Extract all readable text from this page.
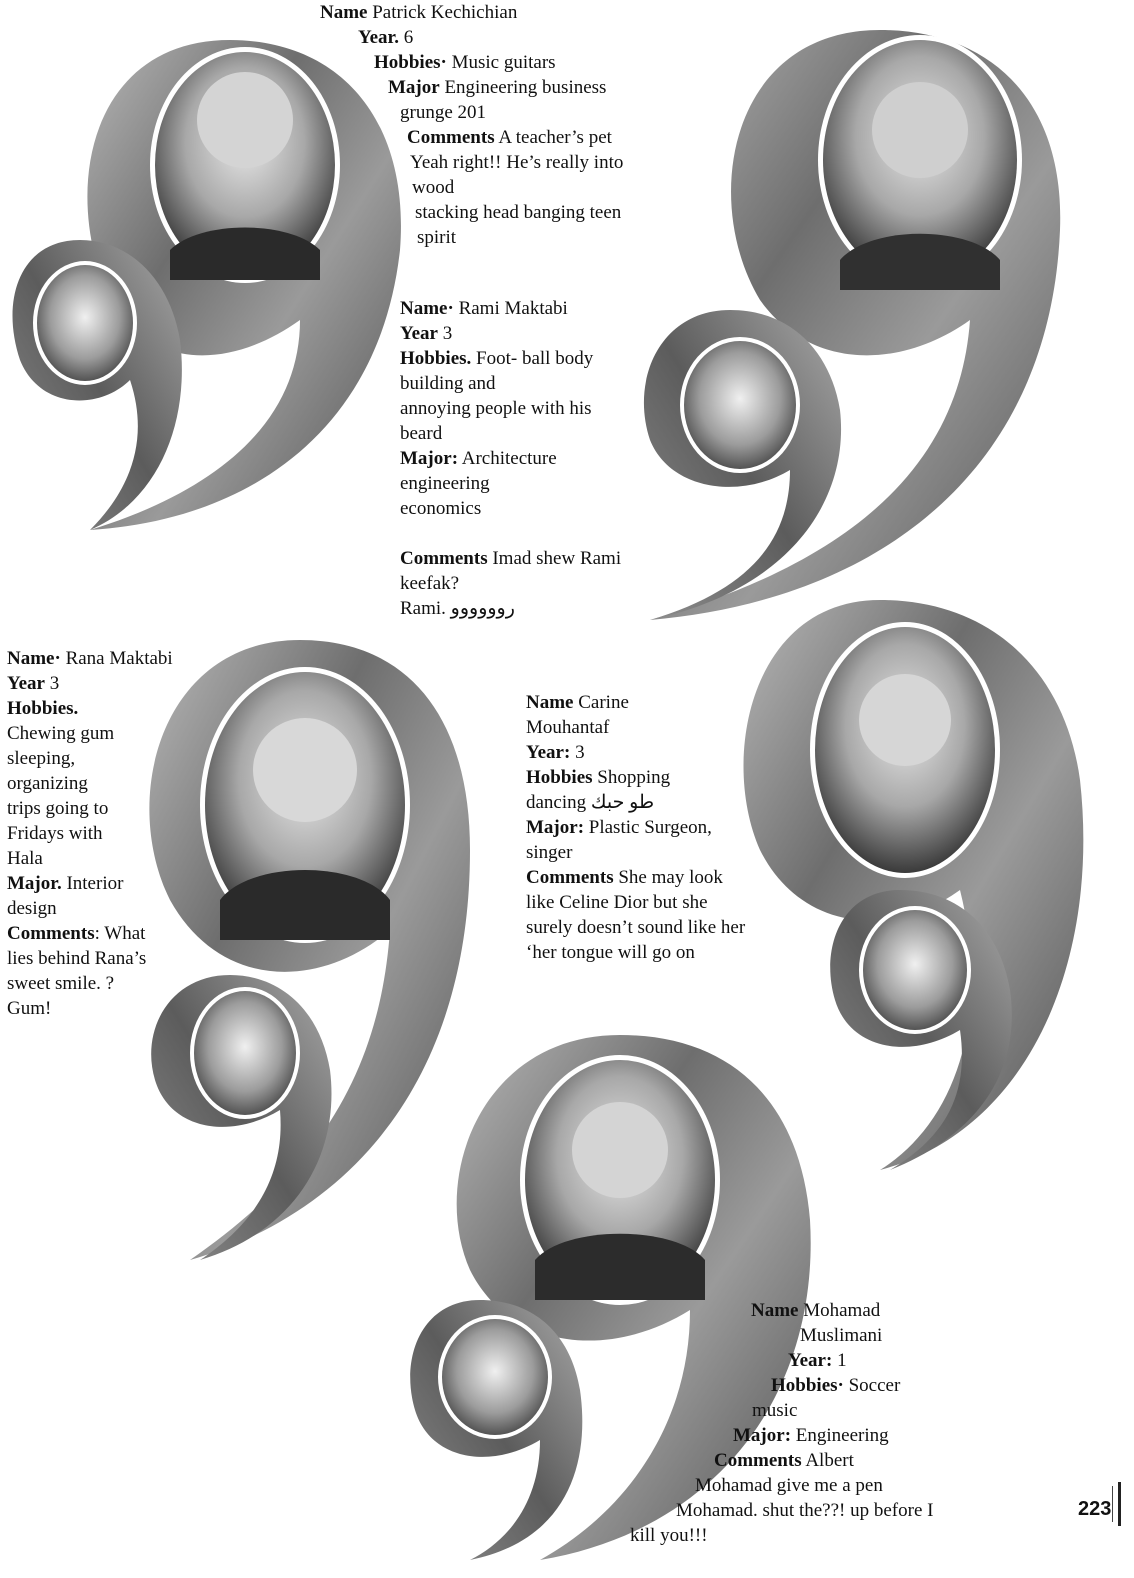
Name Patrick Kechichian
Year. 6
Hobbies· Music guitars
Major Engineering business
grunge 201
Comments A teacher’s pet
Yeah right!! He’s really into
wood
stacking head banging teen
spirit
Name· Rami Maktabi
Year 3
Hobbies. Foot- ball body
building and
annoying people with his
beard
Major: Architecture
engineering
economics

Comments Imad shew Rami
keefak?
Rami. روووووو
Name· Rana Maktabi
Year 3
Hobbies.
Chewing gum
sleeping,
organizing
trips going to
Fridays with
Hala
Major. Interior
design
Comments: What
lies behind Rana’s
sweet smile. ?
Gum!
Name Carine
Mouhantaf
Year: 3
Hobbies Shopping
dancing طو حبك
Major: Plastic Surgeon,
singer
Comments She may look
like Celine Dior but she
surely doesn’t sound like her
‘her tongue will go on
Name Mohamad
Muslimani
Year: 1
Hobbies· Soccer
music
Major: Engineering
Comments Albert
Mohamad give me a pen
Mohamad. shut the??! up before I
kill you!!!
223
